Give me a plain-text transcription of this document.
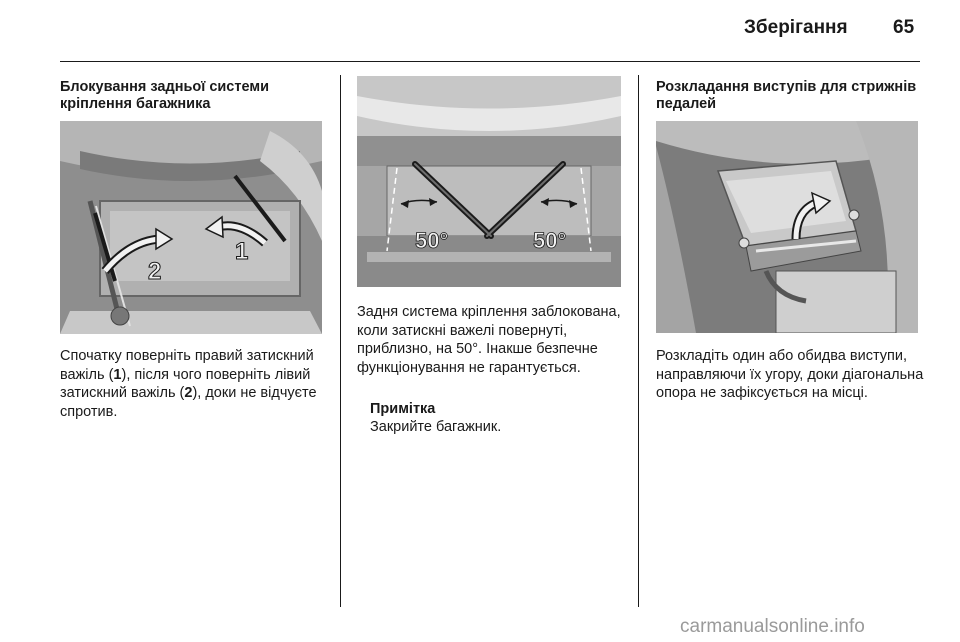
Зберігання 65
Блокування задньої системи кріплення багажника
1
2

Спочатку поверніть правий затискний важіль (1), після чого поверніть лівий затискний важіль (2), доки не відчуєте спротив.

50°	50°

Задня система кріплення заблокована, коли затискні важелі повернуті, приблизно, на 50°. Інакше безпечне функціонування не гарантується.

Примітка

Закрийте багажник.

Розкладання виступів для стрижнів педалей

Розкладіть один або обидва виступи, направляючи їх угору, доки діагональна опора не зафіксується на місці.

carmanualsonline.info
